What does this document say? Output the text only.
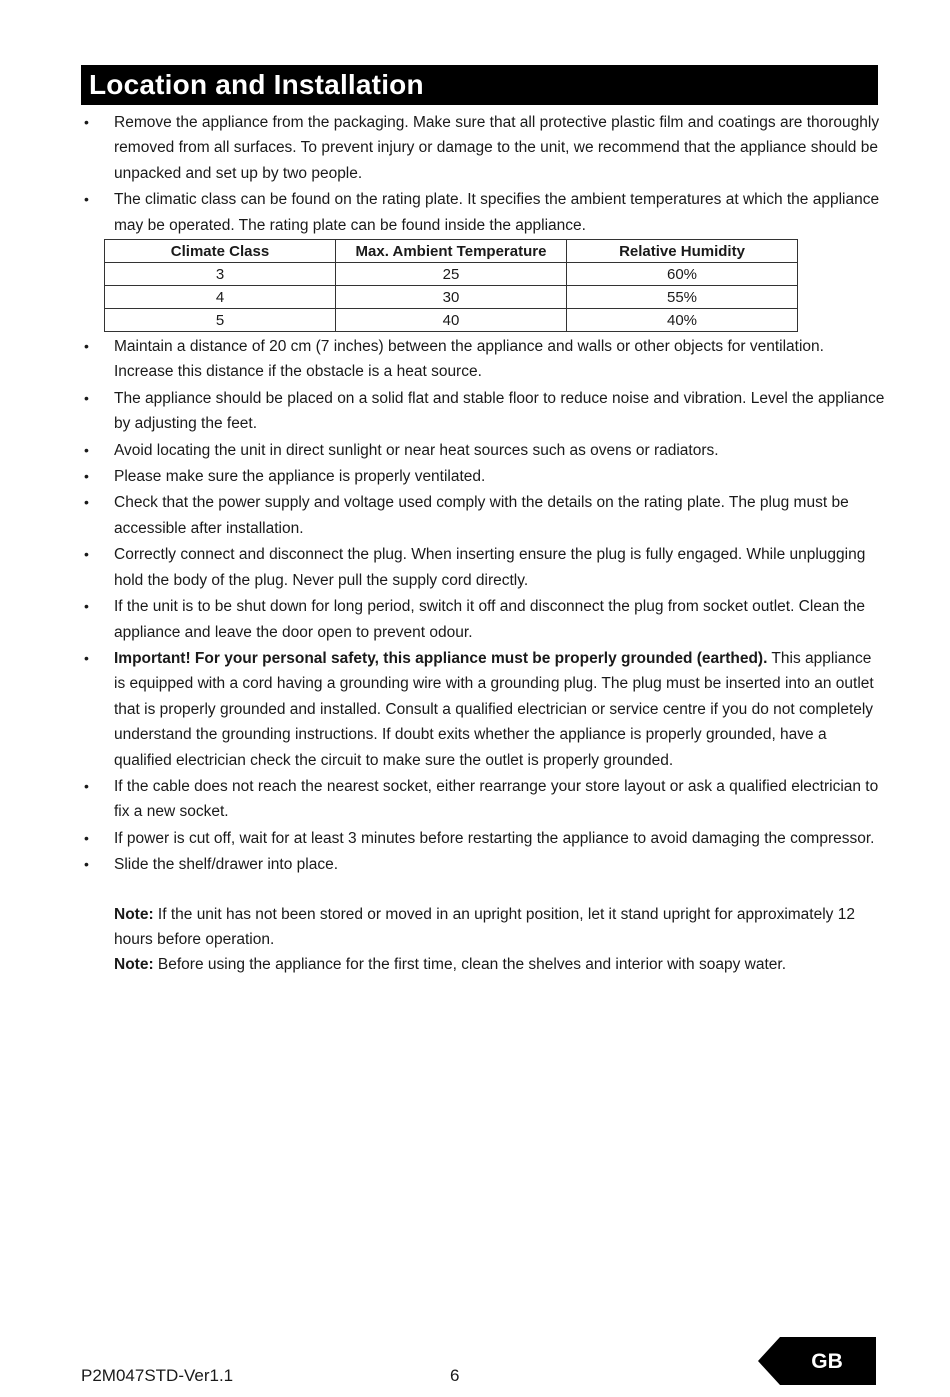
Location and Installation
• Remove the appliance from the packaging. Make sure that all protective plastic film and coatings are thoroughly removed from all surfaces. To prevent injury or damage to the unit, we recommend that the appliance should be unpacked and set up by two people.
• The climatic class can be found on the rating plate. It specifies the ambient temperatures at which the appliance may be operated. The rating plate can be found inside the appliance.
Climate Class	Max. Ambient Temperature	Relative Humidity
3	25	60%
4	30	55%
5	40	40%
• Maintain a distance of 20 cm (7 inches) between the appliance and walls or other objects for ventilation. Increase this distance if the obstacle is a heat source.
• The appliance should be placed on a solid flat and stable floor to reduce noise and vibration. Level the appliance by adjusting the feet.
• Avoid locating the unit in direct sunlight or near heat sources such as ovens or radiators.
• Please make sure the appliance is properly ventilated.
• Check that the power supply and voltage used comply with the details on the rating plate. The plug must be accessible after installation.
• Correctly connect and disconnect the plug. When inserting ensure the plug is fully engaged. While unplugging hold the body of the plug. Never pull the supply cord directly.
• If the unit is to be shut down for long period, switch it off and disconnect the plug from socket outlet. Clean the appliance and leave the door open to prevent odour.
• Important! For your personal safety, this appliance must be properly grounded (earthed). This appliance is equipped with a cord having a grounding wire with a grounding plug. The plug must be inserted into an outlet that is properly grounded and installed. Consult a qualified electrician or service centre if you do not completely understand the grounding instructions. If doubt exits whether the appliance is properly grounded, have a qualified electrician check the circuit to make sure the outlet is properly grounded.
• If the cable does not reach the nearest socket, either rearrange your store layout or ask a qualified electrician to fix a new socket.
• If power is cut off, wait for at least 3 minutes before restarting the appliance to avoid damaging the compressor.
• Slide the shelf/drawer into place.
Note: If the unit has not been stored or moved in an upright position, let it stand upright for approximately 12 hours before operation.
Note: Before using the appliance for the first time, clean the shelves and interior with soapy water.
P2M047STD-Ver1.1	6
GB
